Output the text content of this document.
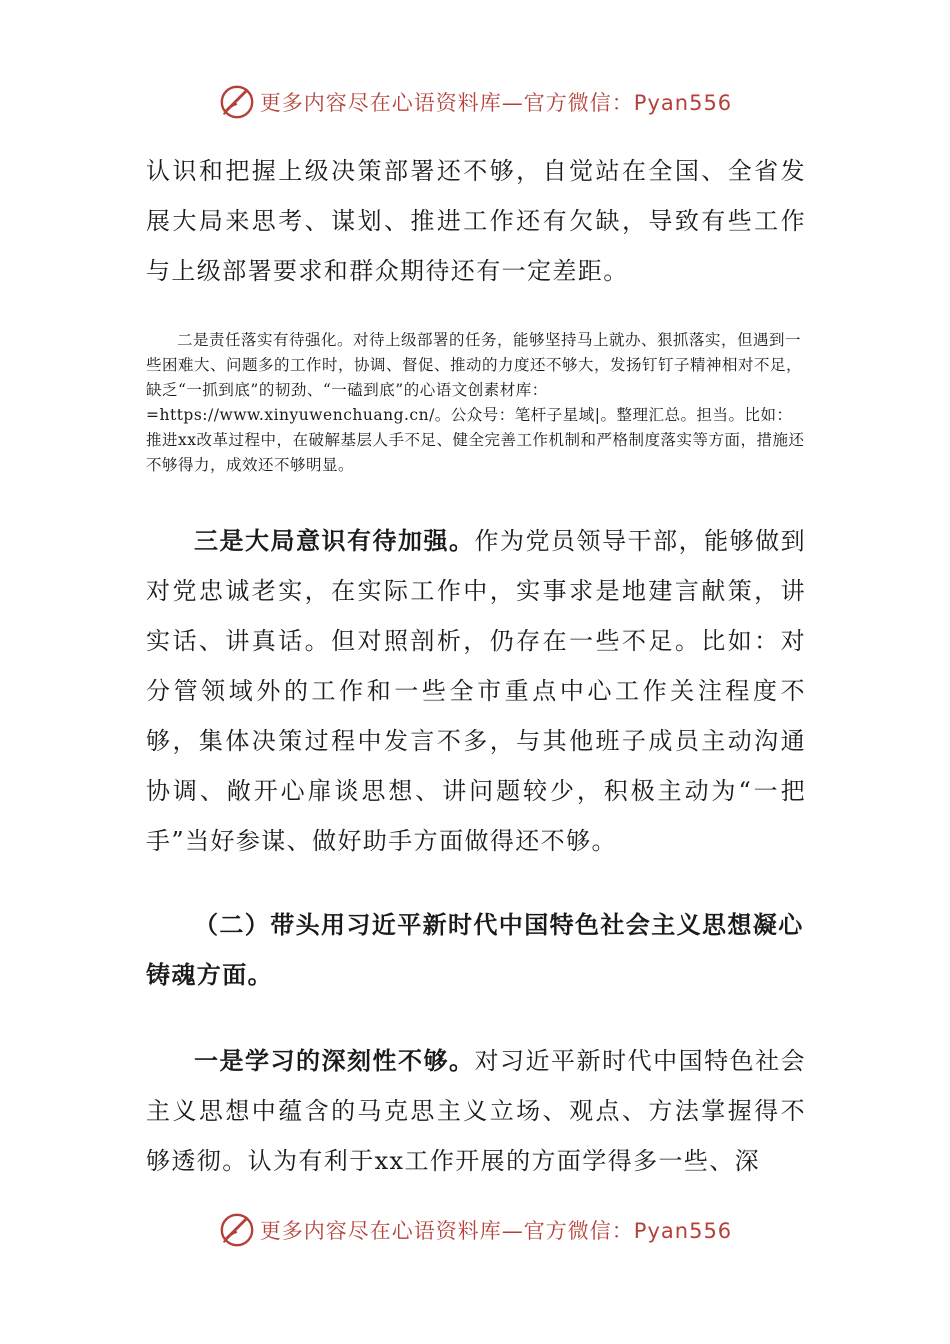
更多内容尽在心语资料库—官方微信：Pyan556

认识和把握上级决策部署还不够，自觉站在全国、全省发展大局来思考、谋划、推进工作还有欠缺，导致有些工作与上级部署要求和群众期待还有一定差距。

二是责任落实有待强化。对待上级部署的任务，能够坚持马上就办、狠抓落实，但遇到一些困难大、问题多的工作时，协调、督促、推动的力度还不够大，发扬钉钉子精神相对不足，缺乏“一抓到底”的韧劲、“一磕到底”的心语文创素材库：=https://www.xinyuwenchuang.cn/。公众号：笔杆子星域|。整理汇总。担当。比如：推进xx改革过程中，在破解基层人手不足、健全完善工作机制和严格制度落实等方面，措施还不够得力，成效还不够明显。

三是大局意识有待加强。作为党员领导干部，能够做到对党忠诚老实，在实际工作中，实事求是地建言献策，讲实话、讲真话。但对照剖析，仍存在一些不足。比如：对分管领域外的工作和一些全市重点中心工作关注程度不够，集体决策过程中发言不多，与其他班子成员主动沟通协调、敞开心扉谈思想、讲问题较少，积极主动为“一把手”当好参谋、做好助手方面做得还不够。

（二）带头用习近平新时代中国特色社会主义思想凝心铸魂方面。

一是学习的深刻性不够。对习近平新时代中国特色社会主义思想中蕴含的马克思主义立场、观点、方法掌握得不够透彻。认为有利于xx工作开展的方面学得多一些、深

更多内容尽在心语资料库—官方微信：Pyan556
